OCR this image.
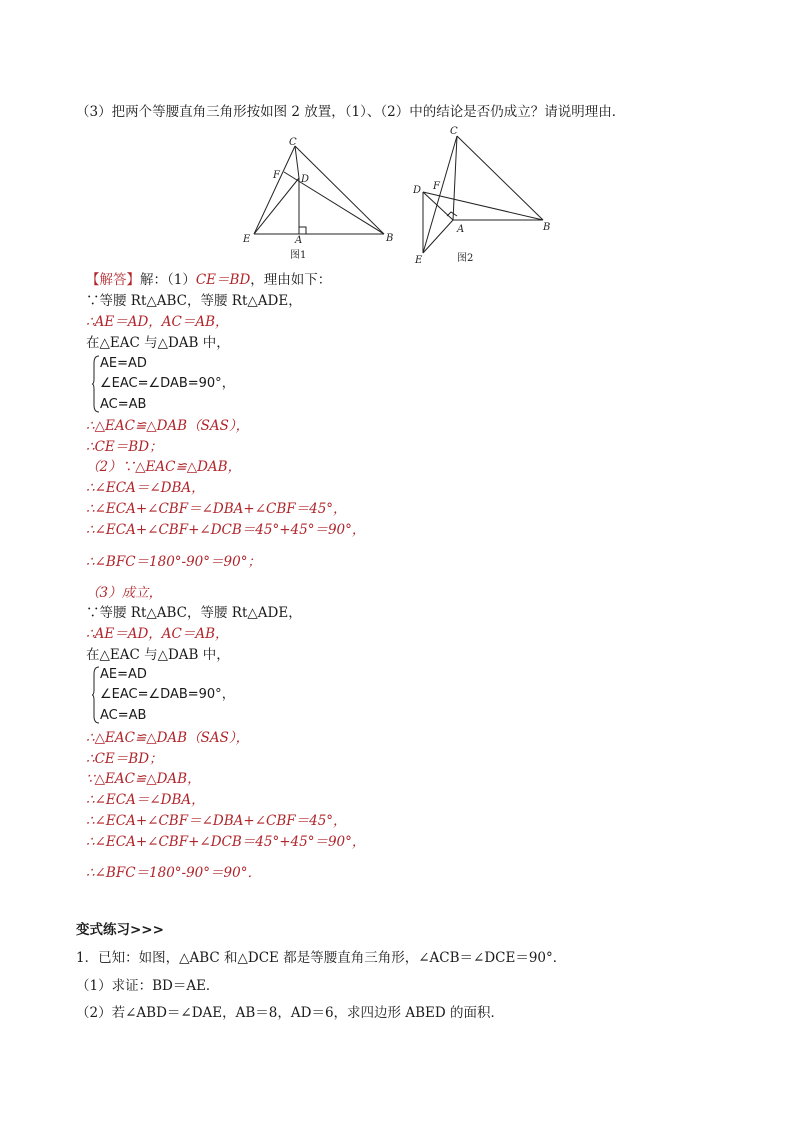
（3）把两个等腰直角三角形按如图 2 放置，（1）、（2）中的结论是否仍成立？请说明理由．
C
F D
E	A	B
图1
C
D F
A	B
E	图2
【解答】解：（1）CE＝BD，理由如下：
∵等腰 Rt△ABC，等腰 Rt△ADE，
∴AE＝AD，AC＝AB，
在△EAC 与△DAB 中，
AE=AD
∠EAC=∠DAB=90°，
AC=AB
∴△EAC≌△DAB（SAS），
∴CE＝BD；
（2）∵△EAC≌△DAB，
∴∠ECA＝∠DBA，
∴∠ECA+∠CBF＝∠DBA+∠CBF＝45°，
∴∠ECA+∠CBF+∠DCB＝45°+45°＝90°，
∴∠BFC＝180°-90°＝90°；
（3）成立，
∵等腰 Rt△ABC，等腰 Rt△ADE，
∴AE＝AD，AC＝AB，
在△EAC 与△DAB 中，
AE=AD
∠EAC=∠DAB=90°，
AC=AB
∴△EAC≌△DAB（SAS），
∴CE＝BD；
∵△EAC≌△DAB，
∴∠ECA＝∠DBA，
∴∠ECA+∠CBF＝∠DBA+∠CBF＝45°，
∴∠ECA+∠CBF+∠DCB＝45°+45°＝90°，
∴∠BFC＝180°-90°＝90°．
变式练习>>>
1．已知：如图，△ABC 和△DCE 都是等腰直角三角形，∠ACB＝∠DCE＝90°．
（1）求证：BD＝AE．
（2）若∠ABD＝∠DAE，AB＝8，AD＝6，求四边形 ABED 的面积．
